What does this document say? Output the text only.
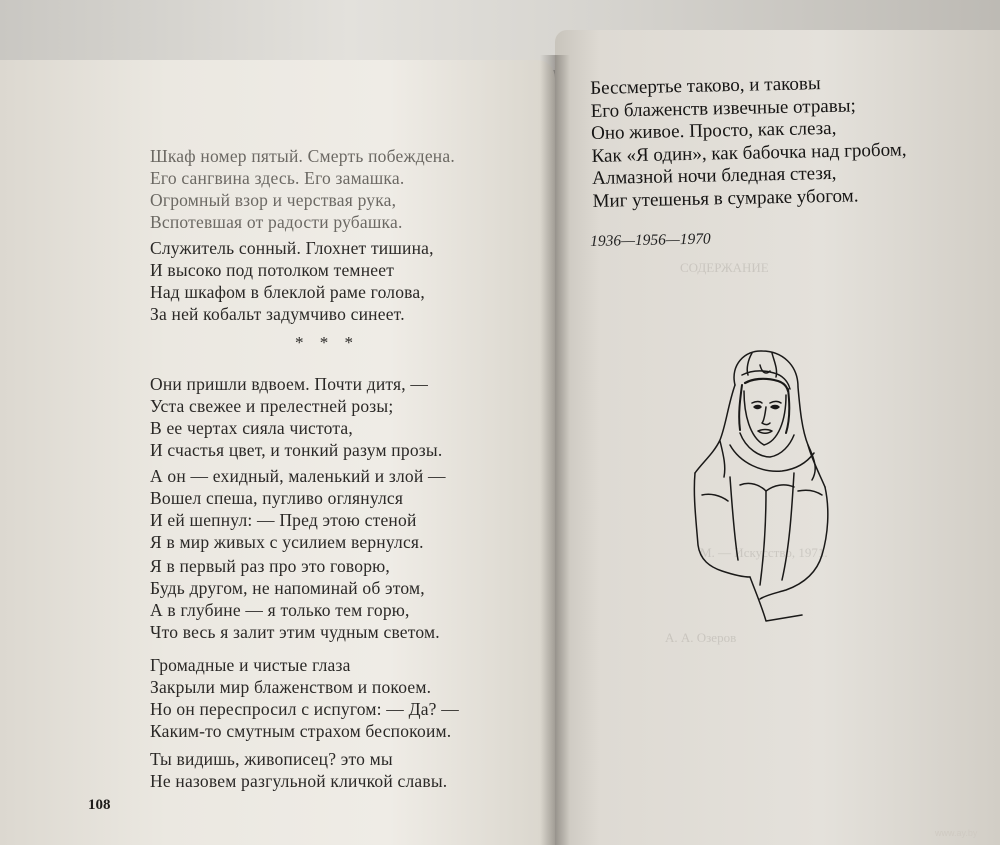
СОДЕРЖАНИЕ
М. — Искусство, 1971.
А. А. Озеров
Шкаф номер пятый. Смерть побеждена.
Его сангвина здесь. Его замашка.
Огромный взор и черствая рука,
Вспотевшая от радости рубашка.
Служитель сонный. Глохнет тишина,
И высоко под потолком темнеет
Над шкафом в блеклой раме голова,
За ней кобальт задумчиво синеет.
* * *
Они пришли вдвоем. Почти дитя, —
Уста свежее и прелестней розы;
В ее чертах сияла чистота,
И счастья цвет, и тонкий разум прозы.
А он — ехидный, маленький и злой —
Вошел спеша, пугливо оглянулся
И ей шепнул: — Пред этою стеной
Я в мир живых с усилием вернулся.
Я в первый раз про это говорю,
Будь другом, не напоминай об этом,
А в глубине — я только тем горю,
Что весь я залит этим чудным светом.
Громадные и чистые глаза
Закрыли мир блаженством и покоем.
Но он переспросил с испугом: — Да? —
Каким-то смутным страхом беспокоим.
Ты видишь, живописец? это мы
Не назовем разгульной кличкой славы.
108
Бессмертье таково, и таковы
Его блаженств извечные отравы;
Оно живое. Просто, как слеза,
Как «Я один», как бабочка над гробом,
Алмазной ночи бледная стезя,
Миг утешенья в сумраке убогом.
1936—1956—1970
www.ay.by
